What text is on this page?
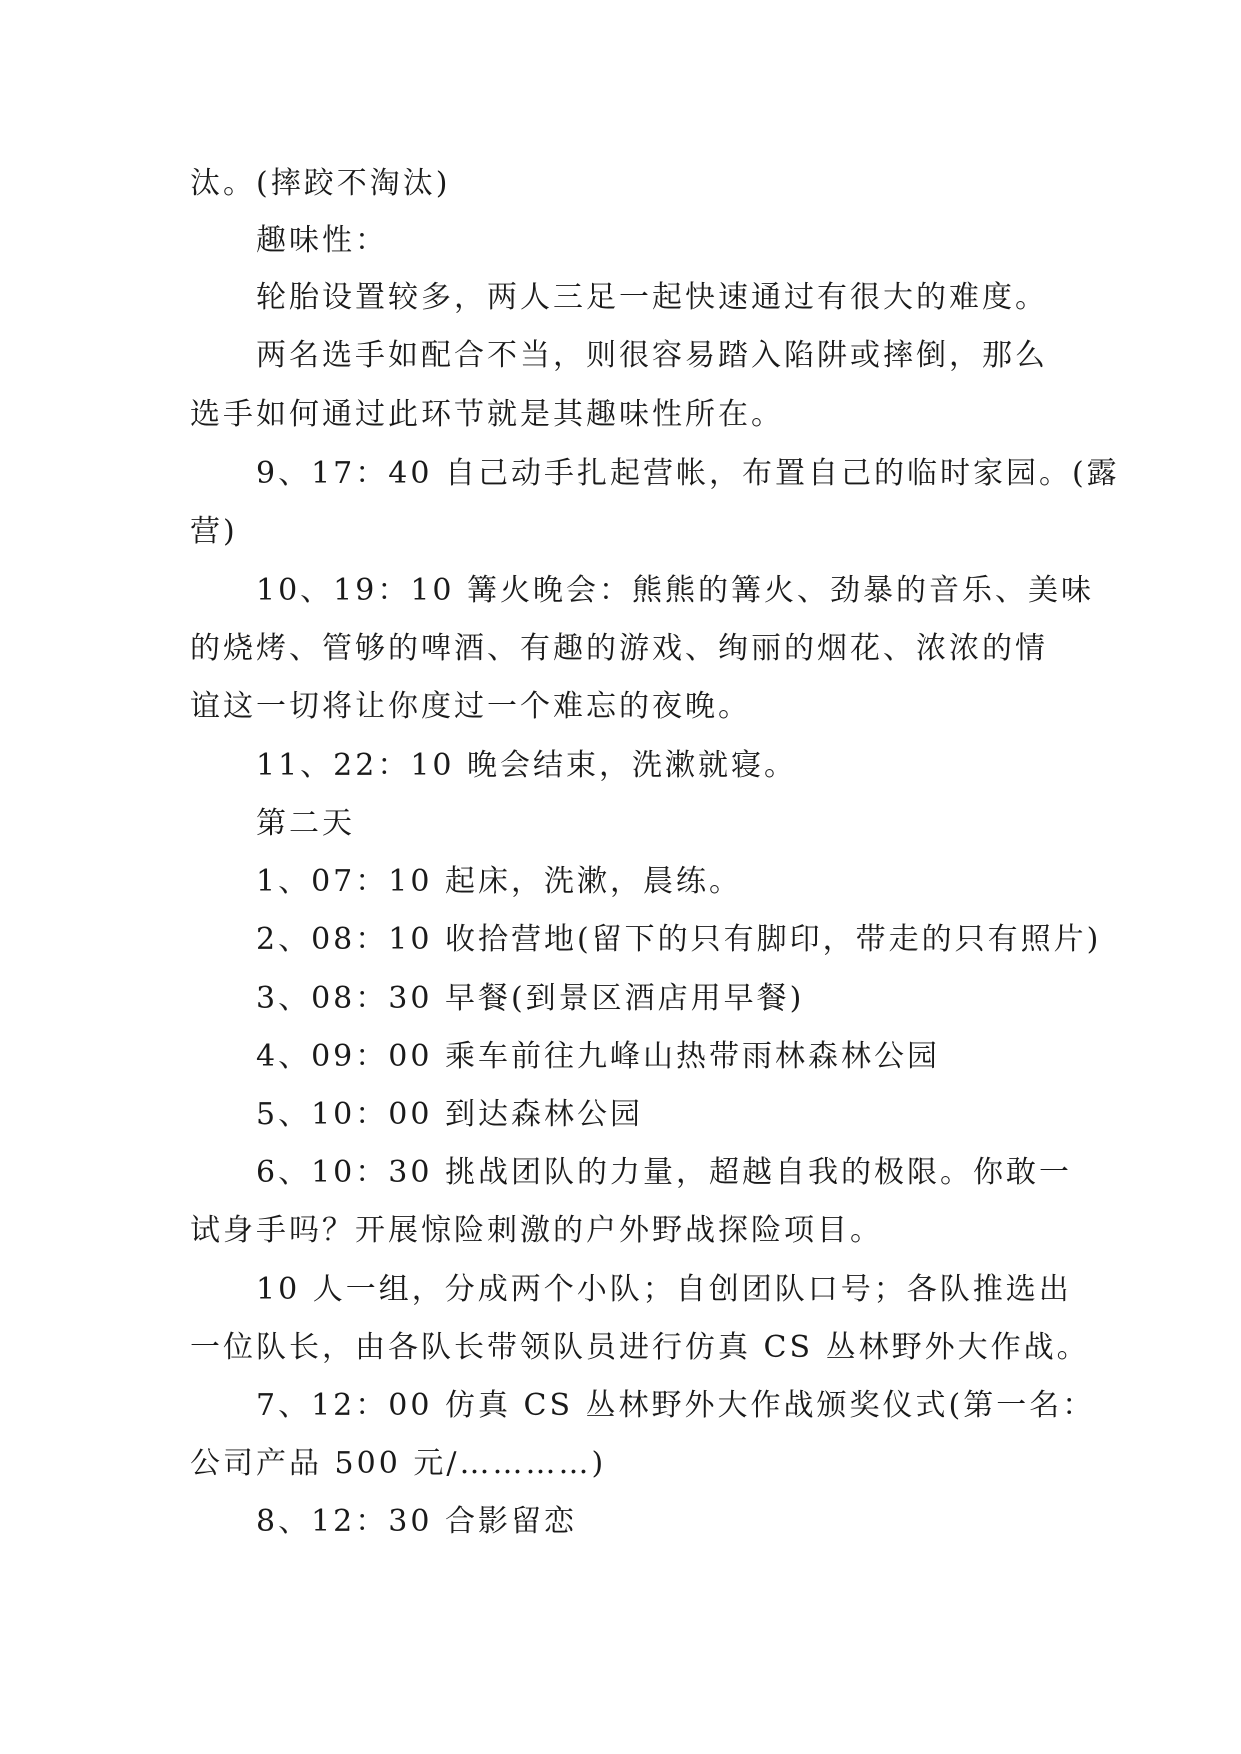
汰。(摔跤不淘汰)
趣味性：
轮胎设置较多，两人三足一起快速通过有很大的难度。
两名选手如配合不当，则很容易踏入陷阱或摔倒，那么
选手如何通过此环节就是其趣味性所在。
9、17：40 自己动手扎起营帐，布置自己的临时家园。(露
营)
10、19：10 篝火晚会：熊熊的篝火、劲暴的音乐、美味
的烧烤、管够的啤酒、有趣的游戏、绚丽的烟花、浓浓的情
谊这一切将让你度过一个难忘的夜晚。
11、22：10 晚会结束，洗漱就寝。
第二天
1、07：10 起床，洗漱，晨练。
2、08：10 收拾营地(留下的只有脚印，带走的只有照片)
3、08：30 早餐(到景区酒店用早餐)
4、09：00 乘车前往九峰山热带雨林森林公园
5、10：00 到达森林公园
6、10：30 挑战团队的力量，超越自我的极限。你敢一
试身手吗？开展惊险刺激的户外野战探险项目。
10 人一组，分成两个小队；自创团队口号；各队推选出
一位队长，由各队长带领队员进行仿真 CS 丛林野外大作战。
7、12：00 仿真 CS 丛林野外大作战颁奖仪式(第一名：
公司产品 500 元/…………)
8、12：30 合影留恋
